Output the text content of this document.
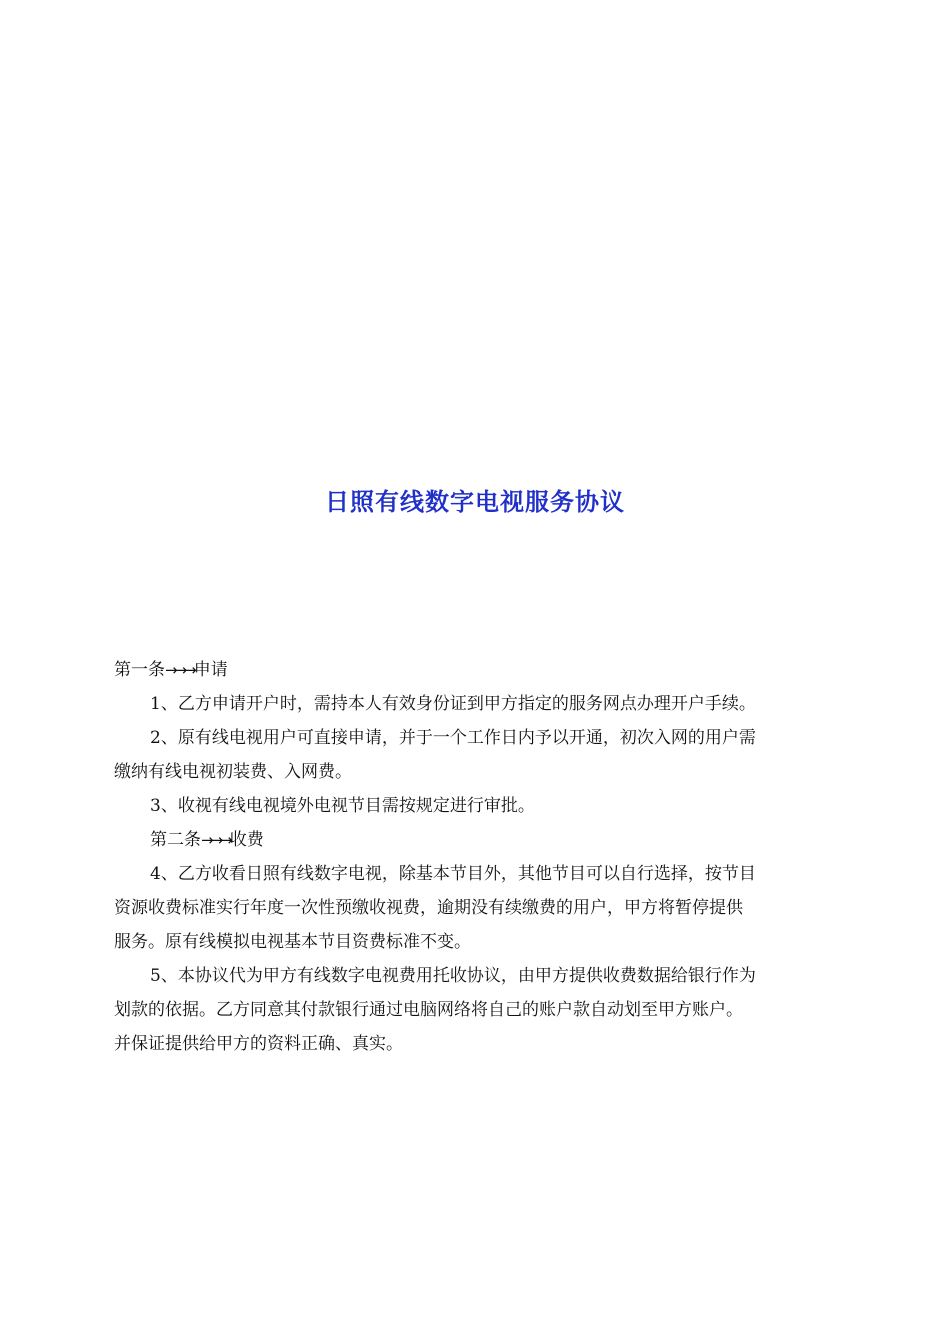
日照有线数字电视服务协议
第一条→→→申请
1、乙方申请开户时，需持本人有效身份证到甲方指定的服务网点办理开户手续。
2、原有线电视用户可直接申请，并于一个工作日内予以开通，初次入网的用户需
缴纳有线电视初装费、入网费。
3、收视有线电视境外电视节目需按规定进行审批。
第二条→→→收费
4、乙方收看日照有线数字电视，除基本节目外，其他节目可以自行选择，按节目
资源收费标准实行年度一次性预缴收视费，逾期没有续缴费的用户，甲方将暂停提供
服务。原有线模拟电视基本节目资费标准不变。
5、本协议代为甲方有线数字电视费用托收协议，由甲方提供收费数据给银行作为
划款的依据。乙方同意其付款银行通过电脑网络将自己的账户款自动划至甲方账户。
并保证提供给甲方的资料正确、真实。
